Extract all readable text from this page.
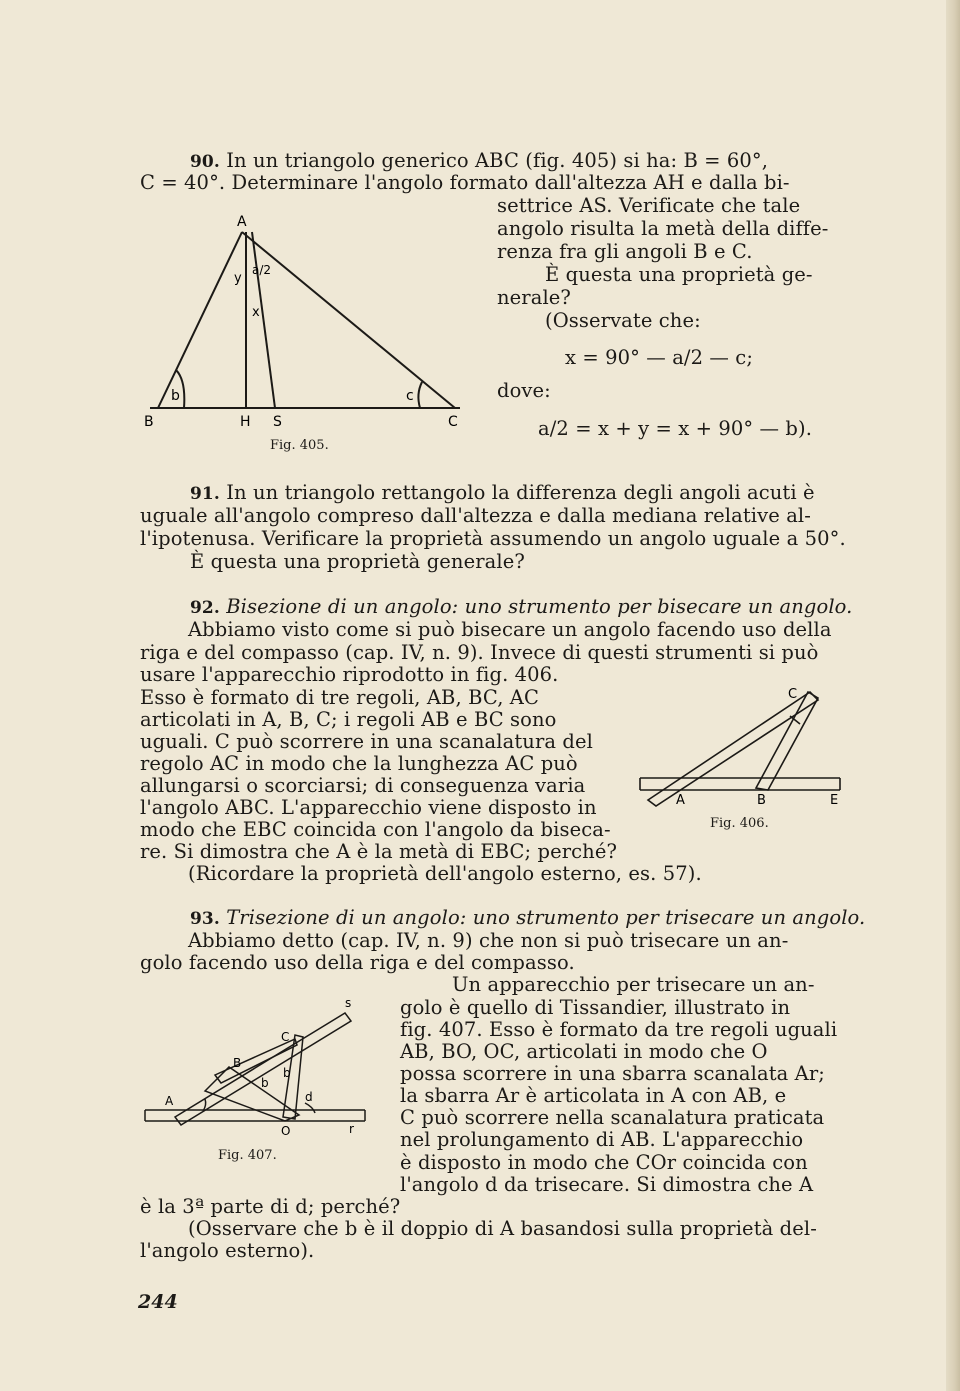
90. In un triangolo generico ABC (fig. 405) si ha: B = 60°,
C = 40°. Determinare l'angolo formato dall'altezza AH e dalla bi-
settrice AS. Verificate che tale
angolo risulta la metà della diffe-
renza fra gli angoli B e C.
È questa una proprietà ge-
nerale?
(Osservate che:
x = 90° — a/2 — c;
dove:
a/2 = x + y = x + 90° — b).
A
B	H S	C
b	c
y
x
a/2
Fig. 405.
91. In un triangolo rettangolo la differenza degli angoli acuti è
uguale all'angolo compreso dall'altezza e dalla mediana relative al-
l'ipotenusa. Verificare la proprietà assumendo un angolo uguale a 50°.
È questa una proprietà generale?
92. Bisezione di un angolo: uno strumento per bisecare un angolo.
Abbiamo visto come si può bisecare un angolo facendo uso della
riga e del compasso (cap. IV, n. 9). Invece di questi strumenti si può
usare l'apparecchio riprodotto in fig. 406.
Esso è formato di tre regoli, AB, BC, AC
articolati in A, B, C; i regoli AB e BC sono
uguali. C può scorrere in una scanalatura del
regolo AC in modo che la lunghezza AC può
allungarsi o scorciarsi; di conseguenza varia
l'angolo ABC. L'apparecchio viene disposto in
modo che EBC coincida con l'angolo da biseca-
re. Si dimostra che A è la metà di EBC; perché?
(Ricordare la proprietà dell'angolo esterno, es. 57).
C
A	B	E
Fig. 406.
93. Trisezione di un angolo: uno strumento per trisecare un angolo.
Abbiamo detto (cap. IV, n. 9) che non si può trisecare un an-
golo facendo uso della riga e del compasso.
Un apparecchio per trisecare un an-
golo è quello di Tissandier, illustrato in
fig. 407. Esso è formato da tre regoli uguali
AB, BO, OC, articolati in modo che O
possa scorrere in una sbarra scanalata Ar;
la sbarra Ar è articolata in A con AB, e
C può scorrere nella scanalatura praticata
nel prolungamento di AB. L'apparecchio
è disposto in modo che COr coincida con
l'angolo d da trisecare. Si dimostra che A
è la 3ª parte di d; perché?
(Osservare che b è il doppio di A basandosi sulla proprietà del-
l'angolo esterno).
s
C
B
b
b
A	d
O	r
Fig. 407.
244
